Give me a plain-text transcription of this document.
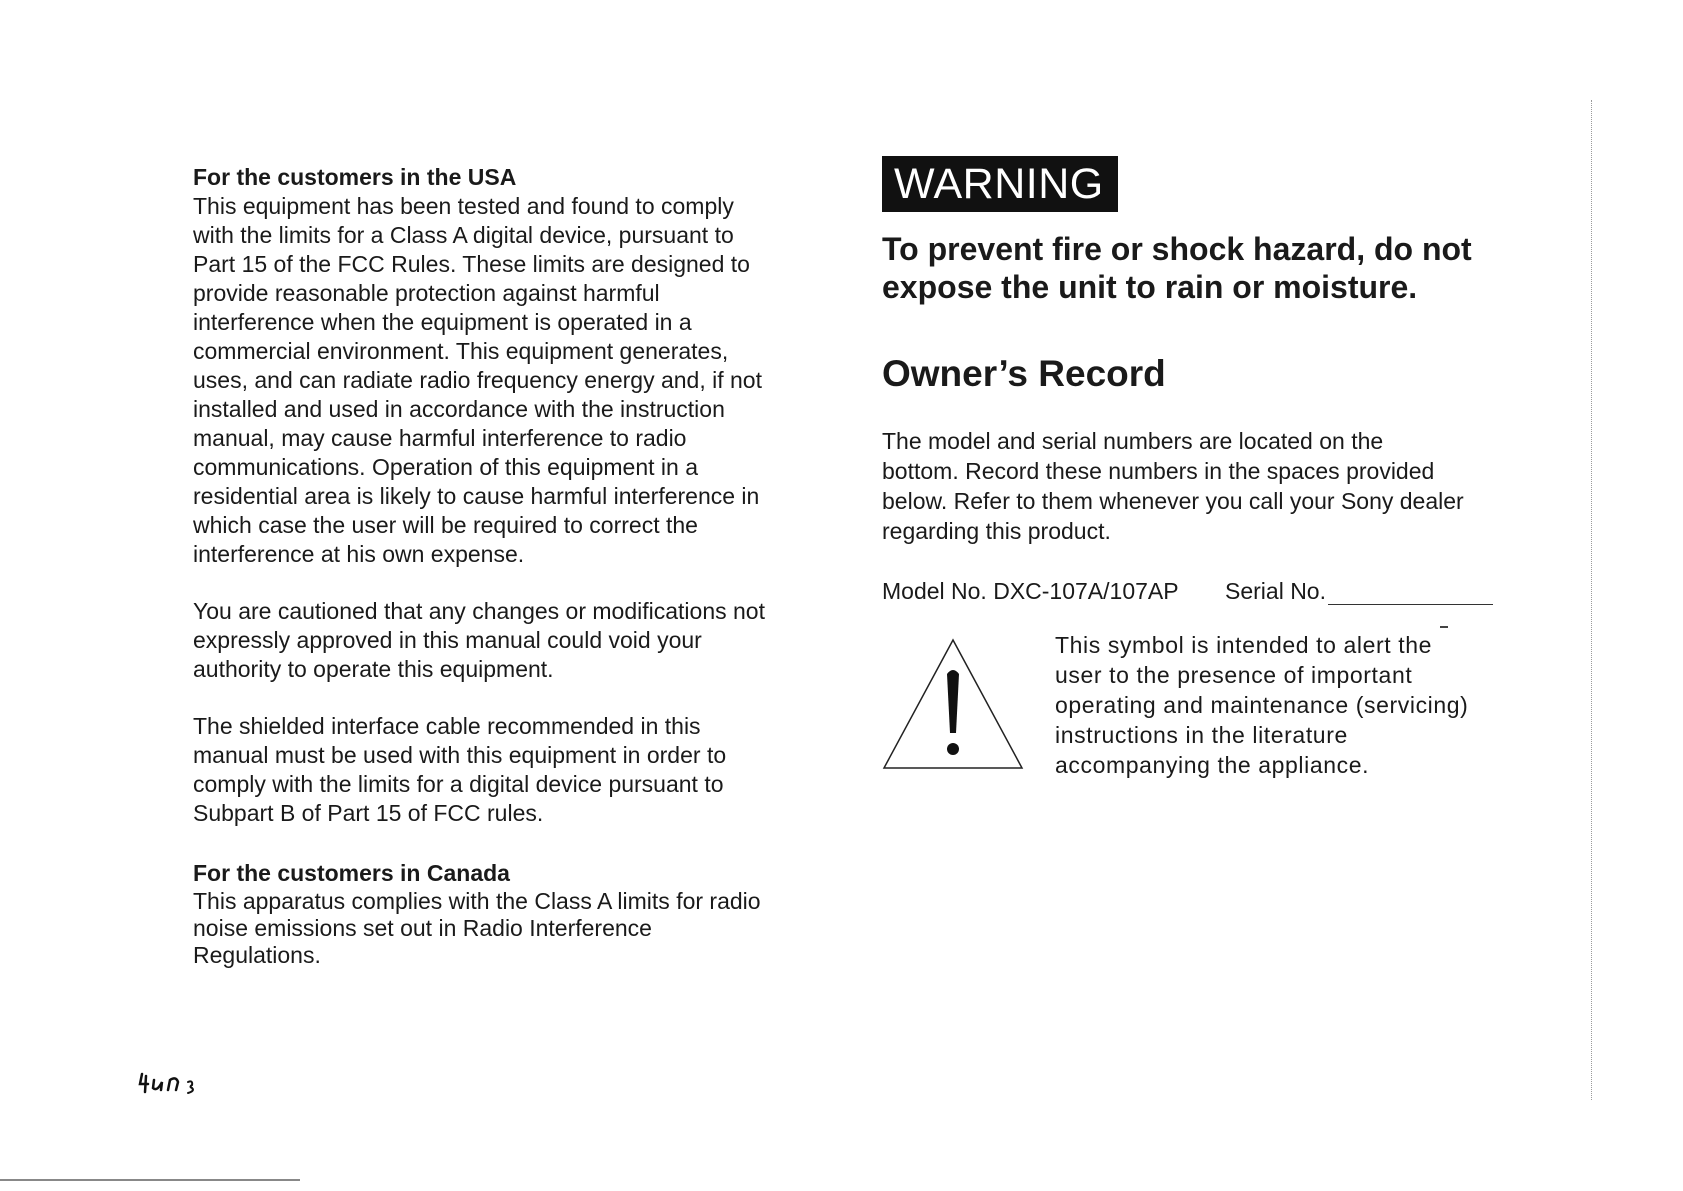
For the customers in the USA

This equipment has been tested and found to comply
with the limits for a Class A digital device, pursuant to
Part 15 of the FCC Rules. These limits are designed to
provide reasonable protection against harmful
interference when the equipment is operated in a
commercial environment. This equipment generates,
uses, and can radiate radio frequency energy and, if not
installed and used in accordance with the instruction
manual, may cause harmful interference to radio
communications. Operation of this equipment in a
residential area is likely to cause harmful interference in
which case the user will be required to correct the
interference at his own expense.

You are cautioned that any changes or modifications not
expressly approved in this manual could void your
authority to operate this equipment.

The shielded interface cable recommended in this
manual must be used with this equipment in order to
comply with the limits for a digital device pursuant to
Subpart B of Part 15 of FCC rules.

For the customers in Canada

This apparatus complies with the Class A limits for radio
noise emissions set out in Radio Interference
Regulations.

WARNING

To prevent fire or shock hazard, do not
expose the unit to rain or moisture.

Owner’s Record

The model and serial numbers are located on the
bottom. Record these numbers in the spaces provided
below. Refer to them whenever you call your Sony dealer
regarding this product.

Model No. DXC-107A/107AP Serial No.

This symbol is intended to alert the
user to the presence of important
operating and maintenance (servicing)
instructions in the literature
accompanying the appliance.
